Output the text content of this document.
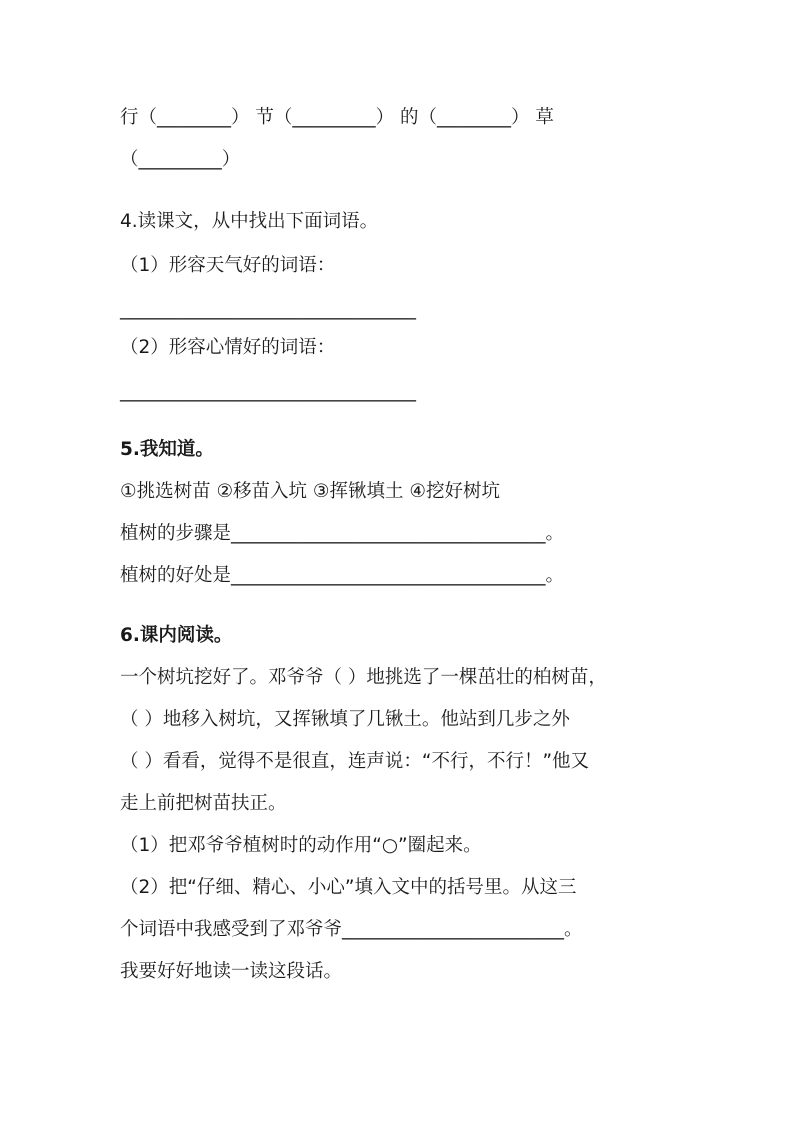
行（________） 节（_________） 的（________） 草
（_________）
4.读课文，从中找出下面词语。
（1）形容天气好的词语：
________________________________
（2）形容心情好的词语：
________________________________
5.我知道。
①挑选树苗 ②移苗入坑 ③挥锹填土 ④挖好树坑
植树的步骤是__________________________________。
植树的好处是__________________________________。
6.课内阅读。
一个树坑挖好了。邓爷爷（ ）地挑选了一棵茁壮的柏树苗，
（ ）地移入树坑，又挥锹填了几锹土。他站到几步之外
（ ）看看，觉得不是很直，连声说：“不行，不行！”他又
走上前把树苗扶正。
（1）把邓爷爷植树时的动作用“○”圈起来。
（2）把“仔细、精心、小心”填入文中的括号里。从这三
个词语中我感受到了邓爷爷________________________。
我要好好地读一读这段话。
